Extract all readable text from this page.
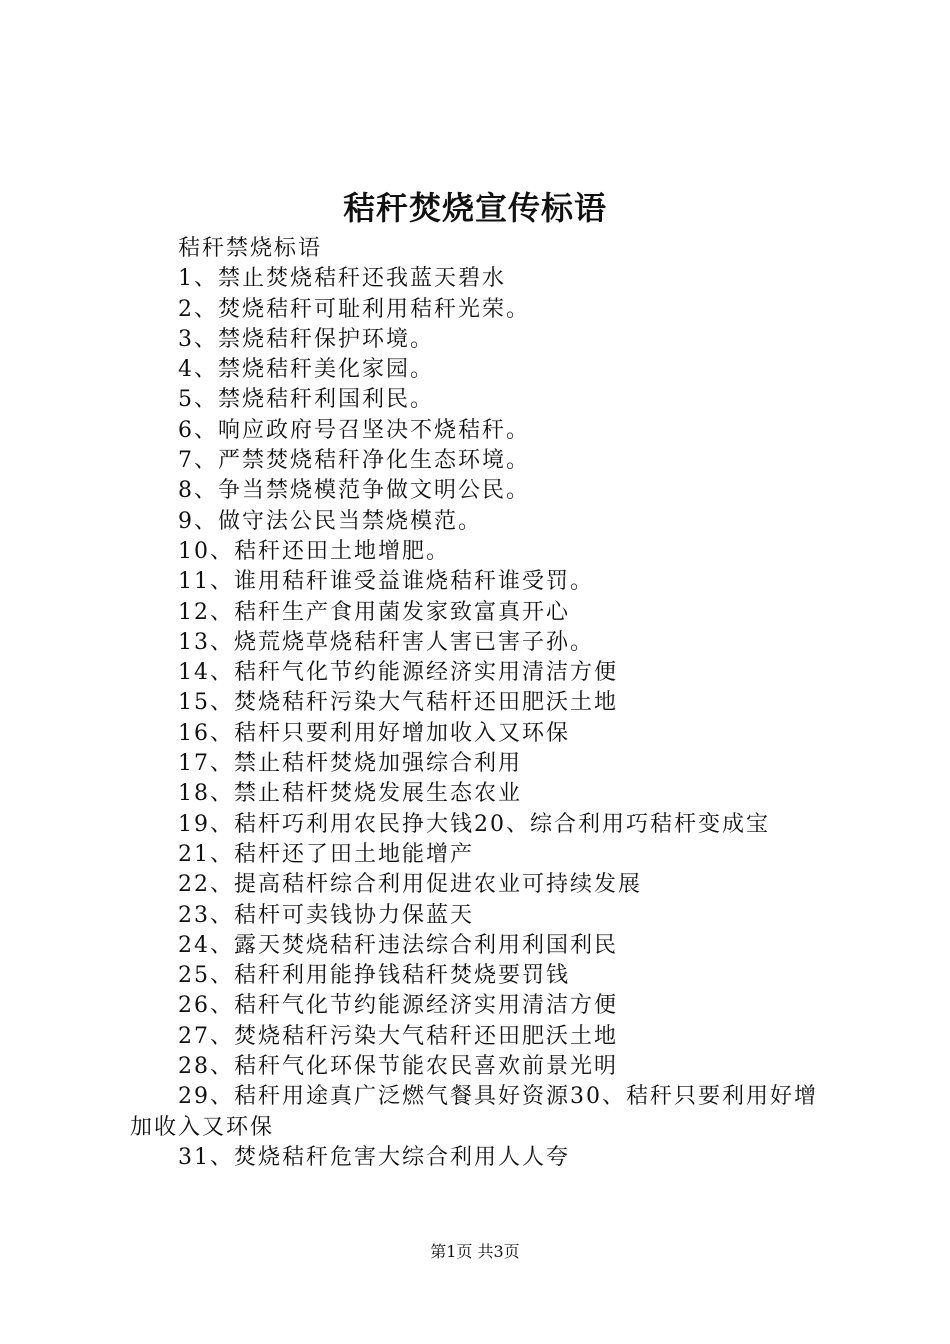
秸秆焚烧宣传标语

秸秆禁烧标语

1、禁止焚烧秸秆还我蓝天碧水

2、焚烧秸秆可耻利用秸秆光荣。

3、禁烧秸秆保护环境。

4、禁烧秸秆美化家园。

5、禁烧秸秆利国利民。

6、响应政府号召坚决不烧秸秆。

7、严禁焚烧秸秆净化生态环境。

8、争当禁烧模范争做文明公民。

9、做守法公民当禁烧模范。

10、秸秆还田土地增肥。

11、谁用秸秆谁受益谁烧秸秆谁受罚。

12、秸秆生产食用菌发家致富真开心

13、烧荒烧草烧秸秆害人害已害子孙。

14、秸秆气化节约能源经济实用清洁方便

15、焚烧秸秆污染大气秸杆还田肥沃土地

16、秸杆只要利用好增加收入又环保

17、禁止秸杆焚烧加强综合利用

18、禁止秸杆焚烧发展生态农业

19、秸杆巧利用农民挣大钱20、综合利用巧秸杆变成宝

21、秸杆还了田土地能增产

22、提高秸杆综合利用促进农业可持续发展

23、秸杆可卖钱协力保蓝天

24、露天焚烧秸秆违法综合利用利国利民

25、秸秆利用能挣钱秸秆焚烧要罚钱

26、秸秆气化节约能源经济实用清洁方便

27、焚烧秸秆污染大气秸秆还田肥沃土地

28、秸秆气化环保节能农民喜欢前景光明

29、秸秆用途真广泛燃气餐具好资源30、秸秆只要利用好增加收入又环保

31、焚烧秸秆危害大综合利用人人夸

第1页 共3页
